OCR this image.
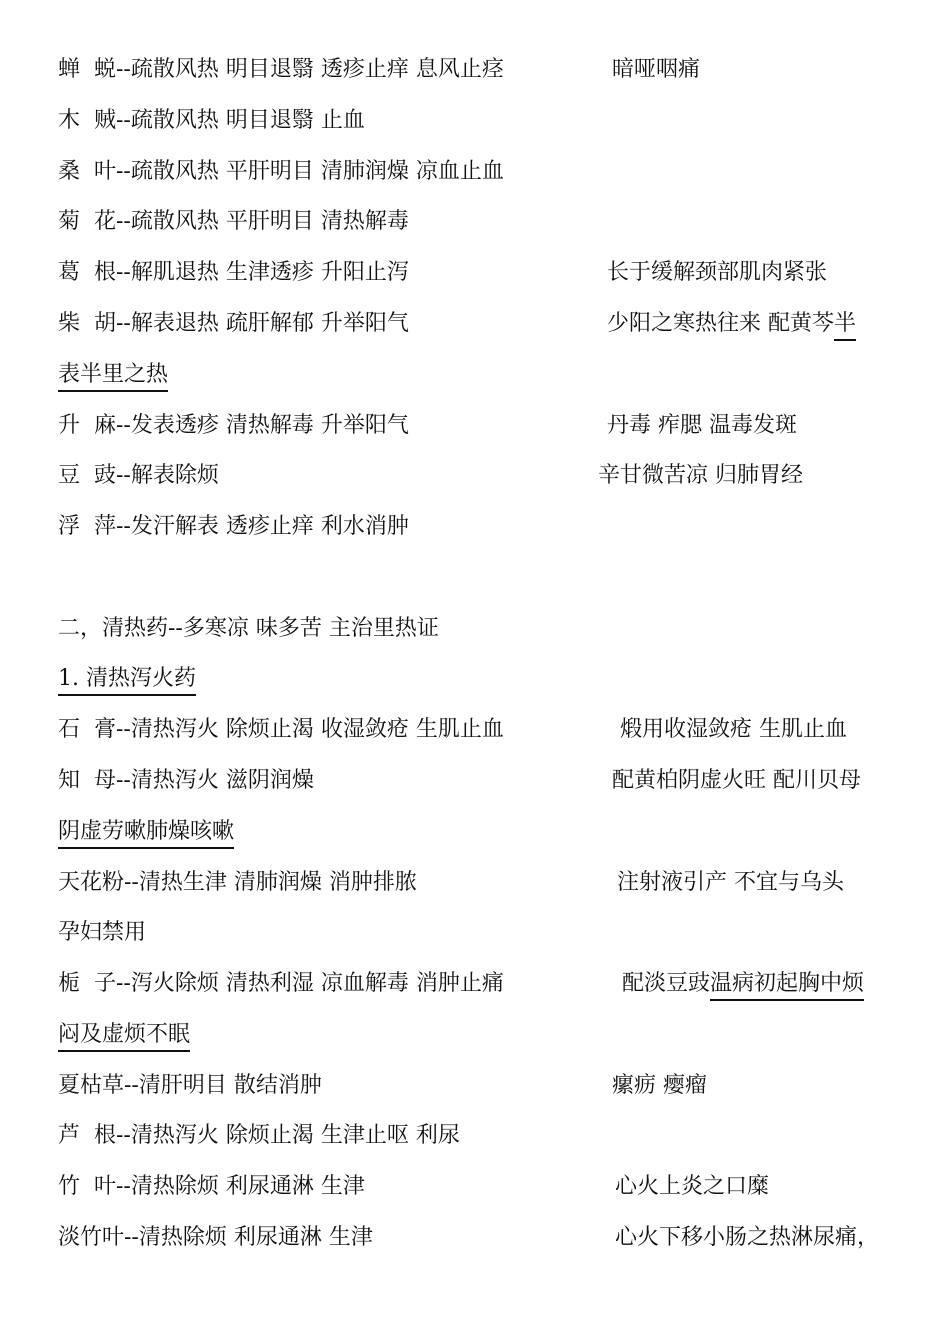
蝉  蜕--疏散风热 明目退翳 透疹止痒 息风止痉	暗哑咽痛
木  贼--疏散风热 明目退翳 止血
桑  叶--疏散风热 平肝明目 清肺润燥 凉血止血
菊  花--疏散风热 平肝明目 清热解毒
葛  根--解肌退热 生津透疹 升阳止泻	长于缓解颈部肌肉紧张
柴  胡--解表退热 疏肝解郁 升举阳气	少阳之寒热往来 配黄芩半
表半里之热
升  麻--发表透疹 清热解毒 升举阳气	丹毒 痄腮 温毒发斑
豆  豉--解表除烦	辛甘微苦凉 归肺胃经
浮  萍--发汗解表 透疹止痒 利水消肿
二，清热药--多寒凉 味多苦 主治里热证
1. 清热泻火药
石  膏--清热泻火 除烦止渴 收湿敛疮 生肌止血	煅用收湿敛疮 生肌止血
知  母--清热泻火 滋阴润燥	配黄柏阴虚火旺 配川贝母
阴虚劳嗽肺燥咳嗽
天花粉--清热生津 清肺润燥 消肿排脓	注射液引产 不宜与乌头
孕妇禁用
栀  子--泻火除烦 清热利湿 凉血解毒 消肿止痛	配淡豆豉温病初起胸中烦
闷及虚烦不眠
夏枯草--清肝明目 散结消肿	瘰疬 瘿瘤
芦  根--清热泻火 除烦止渴 生津止呕 利尿
竹  叶--清热除烦 利尿通淋 生津	心火上炎之口糜
淡竹叶--清热除烦 利尿通淋 生津	心火下移小肠之热淋尿痛，
